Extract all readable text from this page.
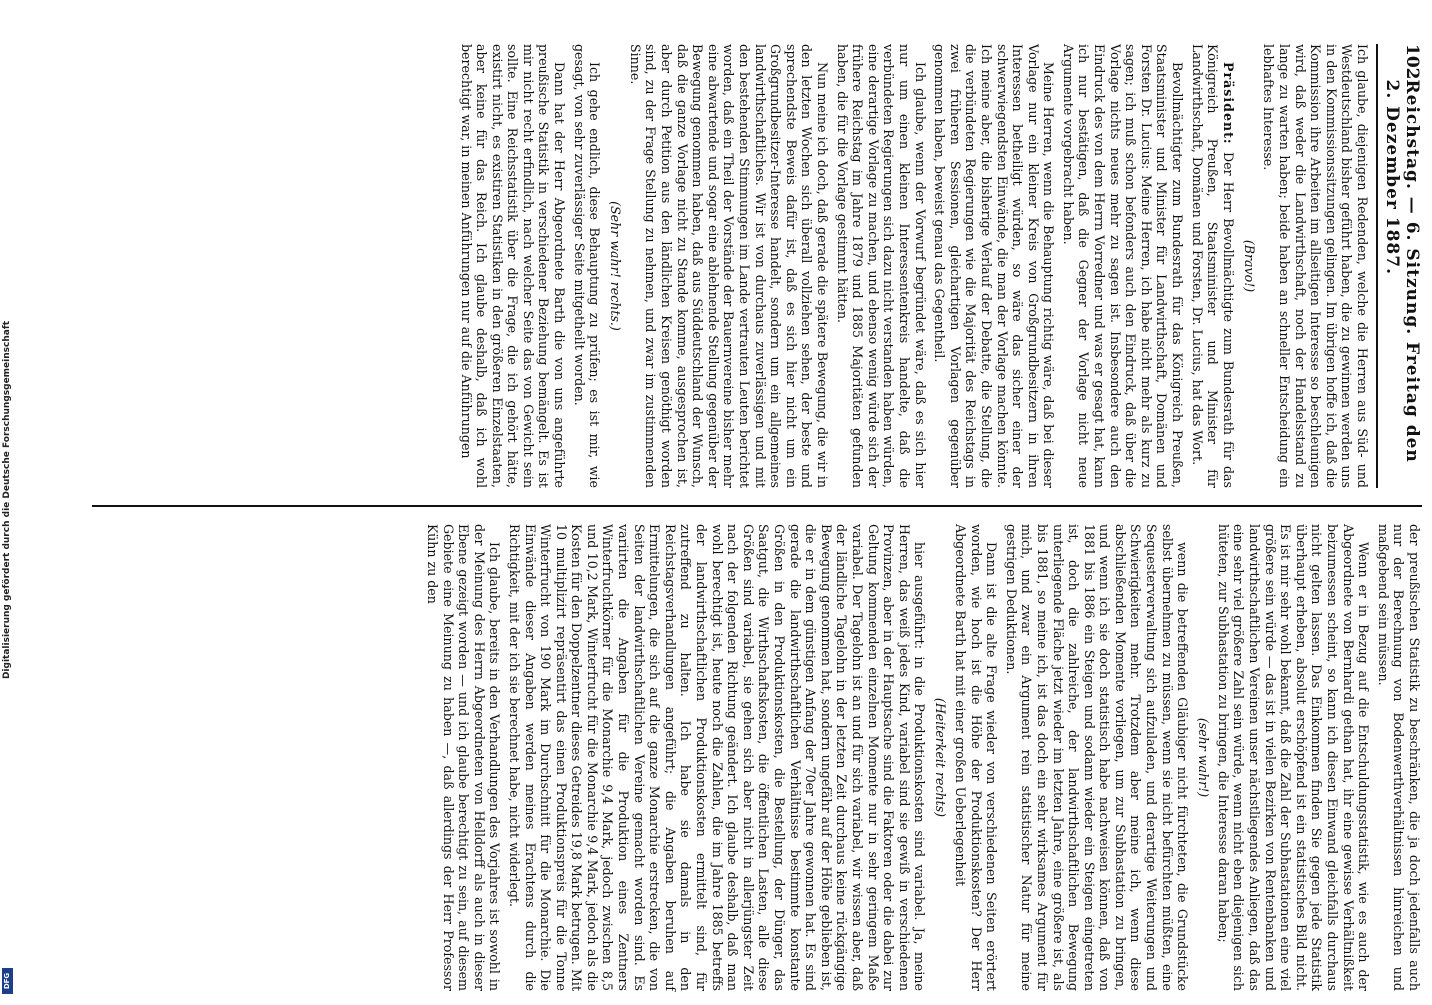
Digitalisierung gefördert durch die Deutsche Forschungsgemeinschaft
DFG
102
Reichstag. — 6. Sitzung. Freitag den 2. Dezember 1887.

Ich glaube, diejenigen Redenden, welche die Herren aus Süd- und Westdeutschland bisher geführt haben, die zu gewinnen werden uns in den Kommissionssitzungen gelingen. Im übrigen hoffe ich, daß die Kommission ihre Arbeiten im allseitigen Interesse so beschleunigen wird, daß weder die Landwirthschaft, noch der Handelsstand zu lange zu warten haben; beide haben an schneller Entscheidung ein lebhaftes Interesse.

(Bravo!)

Präsident: Der Herr Bevollmächtigte zum Bundesrath für das Königreich Preußen, Staatsminister und Minister für Landwirthschaft, Domänen und Forsten, Dr. Lucius, hat das Wort.

Bevollmächtigter zum Bundesrath für das Königreich Preußen, Staatsminister und Minister für Landwirthschaft, Domänen und Forsten Dr. Lucius: Meine Herren, ich habe nicht mehr als kurz zu sagen; ich muß schon befonders auch den Eindruck, daß über die Vorlage nichts neues mehr zu sagen ist. Insbesondere auch den Eindruck des von dem Herrn Vorredner und was er gesagt hat, kann ich nur bestätigen, daß die Gegner der Vorlage nicht neue Argumente vorgebracht haben.

Meine Herren, wenn die Behauptung richtig wäre, daß bei dieser Vorlage nur ein kleiner Kreis von Großgrundbesitzern in ihren Interessen betheiligt würden, so wäre das sicher einer der schwerwiegendsten Einwände, die man der Vorlage machen könnte. Ich meine aber, die bisherige Verlauf der Debatte, die Stellung, die die verbündeten Regierungen wie die Majorität des Reichstags in zwei früheren Sessionen, gleichartigen Vorlagen gegenüber genommen haben, beweist genau das Gegentheil.

Ich glaube, wenn der Vorwurf begründet wäre, daß es sich hier nur um einen kleinen Interessentenkreis handelte, daß die verbündeten Regierungen sich dazu nicht verstanden haben würden, eine derartige Vorlage zu machen, und ebenso wenig würde sich der frühere Reichstag im Jahre 1879 und 1885 Majoritäten gefunden haben, die für die Vorlage gestimmt hätten.

Nun meine ich doch, daß gerade die spätere Bewegung, die wir in den letzten Wochen sich überall vollziehen sehen, der beste und sprechendste Beweis dafür ist, daß es sich hier nicht um ein Großgrundbesitzer-Interesse handelt, sondern um ein allgemeines landwirthschaftliches. Wir ist von durchaus zuverlässigen und mit den bestehenden Stimmungen im Lande vertrauten Leuten berichtet worden, daß ein Theil der Vorstände der Bauernvereine bisher mehr eine abwartende und sogar eine ablehnende Stellung gegenüber der Bewegung genommen haben, daß aus Süddeutschland der Wunsch, daß die ganze Vorlage nicht zu Stande komme, ausgesprochen ist, aber durch Petition aus den ländlichen Kreisen genöthigt worden sind, zu der Frage Stellung zu nehmen, und zwar im zustimmenden Sinne.

(Sehr wahr! rechts.)

Ich gehe endlich, diese Behauptung zu prüfen; es ist mir, wie gesagt, von sehr zuverlässiger Seite mitgetheilt worden.

Dann hat der Herr Abgeordnete Barth die von uns angeführte preußische Statistik in verschiedener Beziehung bemängelt. Es ist mir nicht recht erfindlich, nach welcher Seite das von Gewicht sein sollte. Eine Reichsstatistik über die Frage, die ich gehört hätte, existirt nicht, es existiren Statistiken in den größeren Einzelstaaten, aber keine für das Reich. Ich glaube deshalb, daß ich wohl berechtigt war, in meinen Anführungen nur auf die Anführungen

der preußischen Statistik zu beschränken, die ja doch jedenfalls auch nur der Berechnung von Bodenwerthverhältnissen hinreichen und maßgebend sein müssen.

Wenn er in Bezug auf die Entschuldungsstatistik, wie es auch der Abgeordnete von Bernhardi gethan hat, ihr eine gewisse Verhältnißkeit beizumessen scheint, so kann ich diesen Einwand gleichfalls durchaus nicht gelten lassen. Das Einkommen finden Sie gegen jede Statistik überhaupt erheben, absolut erschöpfend ist ein statistisches Bild nicht. Es ist mir sehr wohl bekannt, daß die Zahl der Subhastationen eine viel größere sein würde — das ist in vielen Bezirken von Rentenbanken und landwirthschaftlichen Vereinen unser nächstliegendes Anliegen, daß das eine sehr viel größere Zahl sein würde, wenn nicht eben diejenigen sich hüteten, zur Subhastation zu bringen, die Interesse daran haben;

(sehr wahr!)

wenn die betreffenden Gläubiger nicht fürchteten, die Grundstücke selbst übernehmen zu müssen, wenn sie nicht befürchten müßten, eine Sequesterverwaltung sich aufzuladen, und derartige Weiterungen und Schwierigkeiten mehr. Trotzdem aber meine ich, wenn diese abschließenden Momente vorliegen, um zur Subhastation zu bringen, und wenn ich sie doch statistisch habe nachweisen können, daß von 1881 bis 1886 ein Steigen und sodann wieder ein Steigen eingetreten ist, doch die zahlreiche, der landwirthschaftlichen Bewegung unterliegende Fläche jetzt wieder im letzten Jahre, eine größere ist, als bis 1881, so meine ich, ist das doch ein sehr wirksames Argument für mich, und zwar ein Argument rein statistischer Natur für meine gestrigen Deduktionen.

Dann ist die alte Frage wieder von verschiedenen Seiten erörtert worden, wie hoch ist die Höhe der Produktionskosten? Der Herr Abgeordnete Barth hat mit einer großen Ueberlegenheit

(Heiterkeit rechts)

hier ausgeführt: in die Produktionskosten sind variabel. Ja, meine Herren, das weiß jedes Kind, variabel sind sie gewiß in verschiedenen Provinzen, aber in der Hauptsache sind die Faktoren oder die dabei zur Geltung kommenden einzelnen Momente nur in sehr geringem Maße variabel. Der Tagelohn ist an und für sich variabel, wir wissen aber, daß der ländliche Tagelohn in der letzten Zeit durchaus keine rückgängige Bewegung genommen hat, sondern ungefähr auf der Höhe geblieben ist, die er in dem günstigen Anfang der 70er Jahre gewonnen hat. Es sind gerade die landwirthschaftlichen Verhältnisse bestimmte konstante Größen in den Produktionskosten, die Bestellung, der Dünger, das Saatgut, die Wirthschaftskosten, die öffentlichen Lasten, alle diese Größen sind variabel, sie gehen sich aber nicht in allerjüngster Zeit nach der folgenden Richtung geändert. Ich glaube deshalb, daß man wohl berechtigt ist, heute noch die Zahlen, die im Jahre 1885 betreffs der landwirthschaftlichen Produktionskosten ermittelt sind, für zutreffend zu halten. Ich habe sie damals in den Reichstagsverhandlungen angeführt; die Angaben beruhen auf Ermittelungen, die sich auf die ganze Monarchie erstrecken, die von Seiten der landwirthschaftlichen Vereine gemacht worden sind. Es variirten die Angaben für die Produktion eines Zentners Winterfruchtkörner für die Monarchie 9,4 Mark, jedoch zwischen 8,5 und 10,2 Mark, Winterfrucht für die Monarchie 9,4 Mark, jedoch als die Kosten für den Doppelzentner dieses Getreides 19,8 Mark betrugen. Mit 10 multiplizirt repräsentirt das einen Produktionspreis für die Tonne Winterfrucht von 190 Mark im Durchschnitt für die Monarchie. Die Einwände dieser Angaben werden meines Erachtens durch die Richtigkeit, mit der ich sie berechnet habe, nicht widerlegt.

Ich glaube, bereits in den Verhandlungen des Vorjahres ist sowohl in der Meinung des Herrn Abgeordneten von Helldorff als auch in dieser Ebene gezeigt worden — und ich glaube berechtigt zu sein, auf diesem Gebiete eine Meinung zu haben —, daß allerdings der Herr Professor Kühn zu den
